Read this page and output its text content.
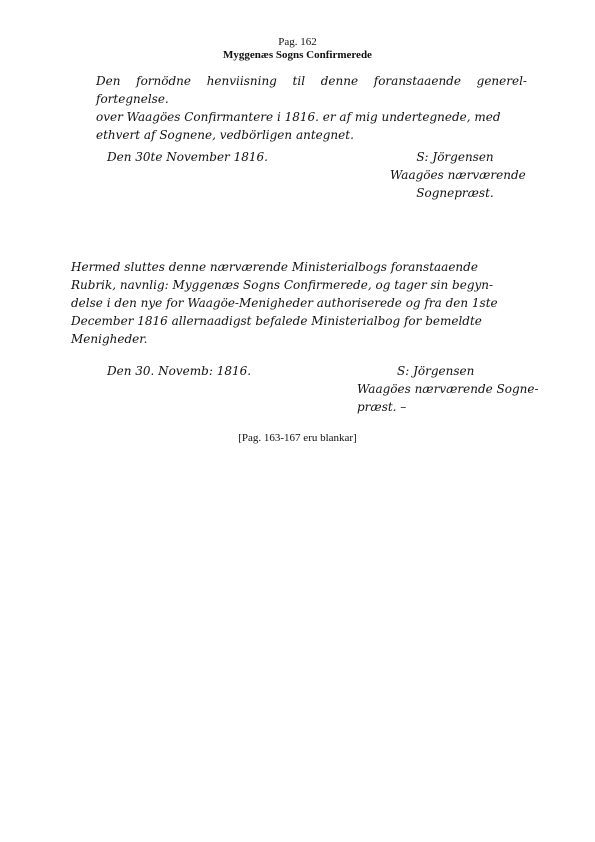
Pag. 162
Myggenæs Sogns Confirmerede
Den fornödne henviisning til denne foranstaaende generel-fortegnelse.
over Waagöes Confirmantere i 1816. er af mig undertegnede, med
ethvert af Sognene, vedbörligen antegnet.
Den 30te November 1816.	S: Jörgensen
Waagöes nærværende
Sognepræst.
Hermed sluttes denne nærværende Ministerialbogs foranstaaende
Rubrik, navnlig: Myggenæs Sogns Confirmerede, og tager sin begyn-
delse i den nye for Waagöe-Menigheder authoriserede og fra den 1ste
December 1816 allernaadigst befalede Ministerialbog for bemeldte
Menigheder.
Den 30. Novemb: 1816.	S: Jörgensen
Waagöes nærværende Sogne-
præst. –
[Pag. 163-167 eru blankar]
